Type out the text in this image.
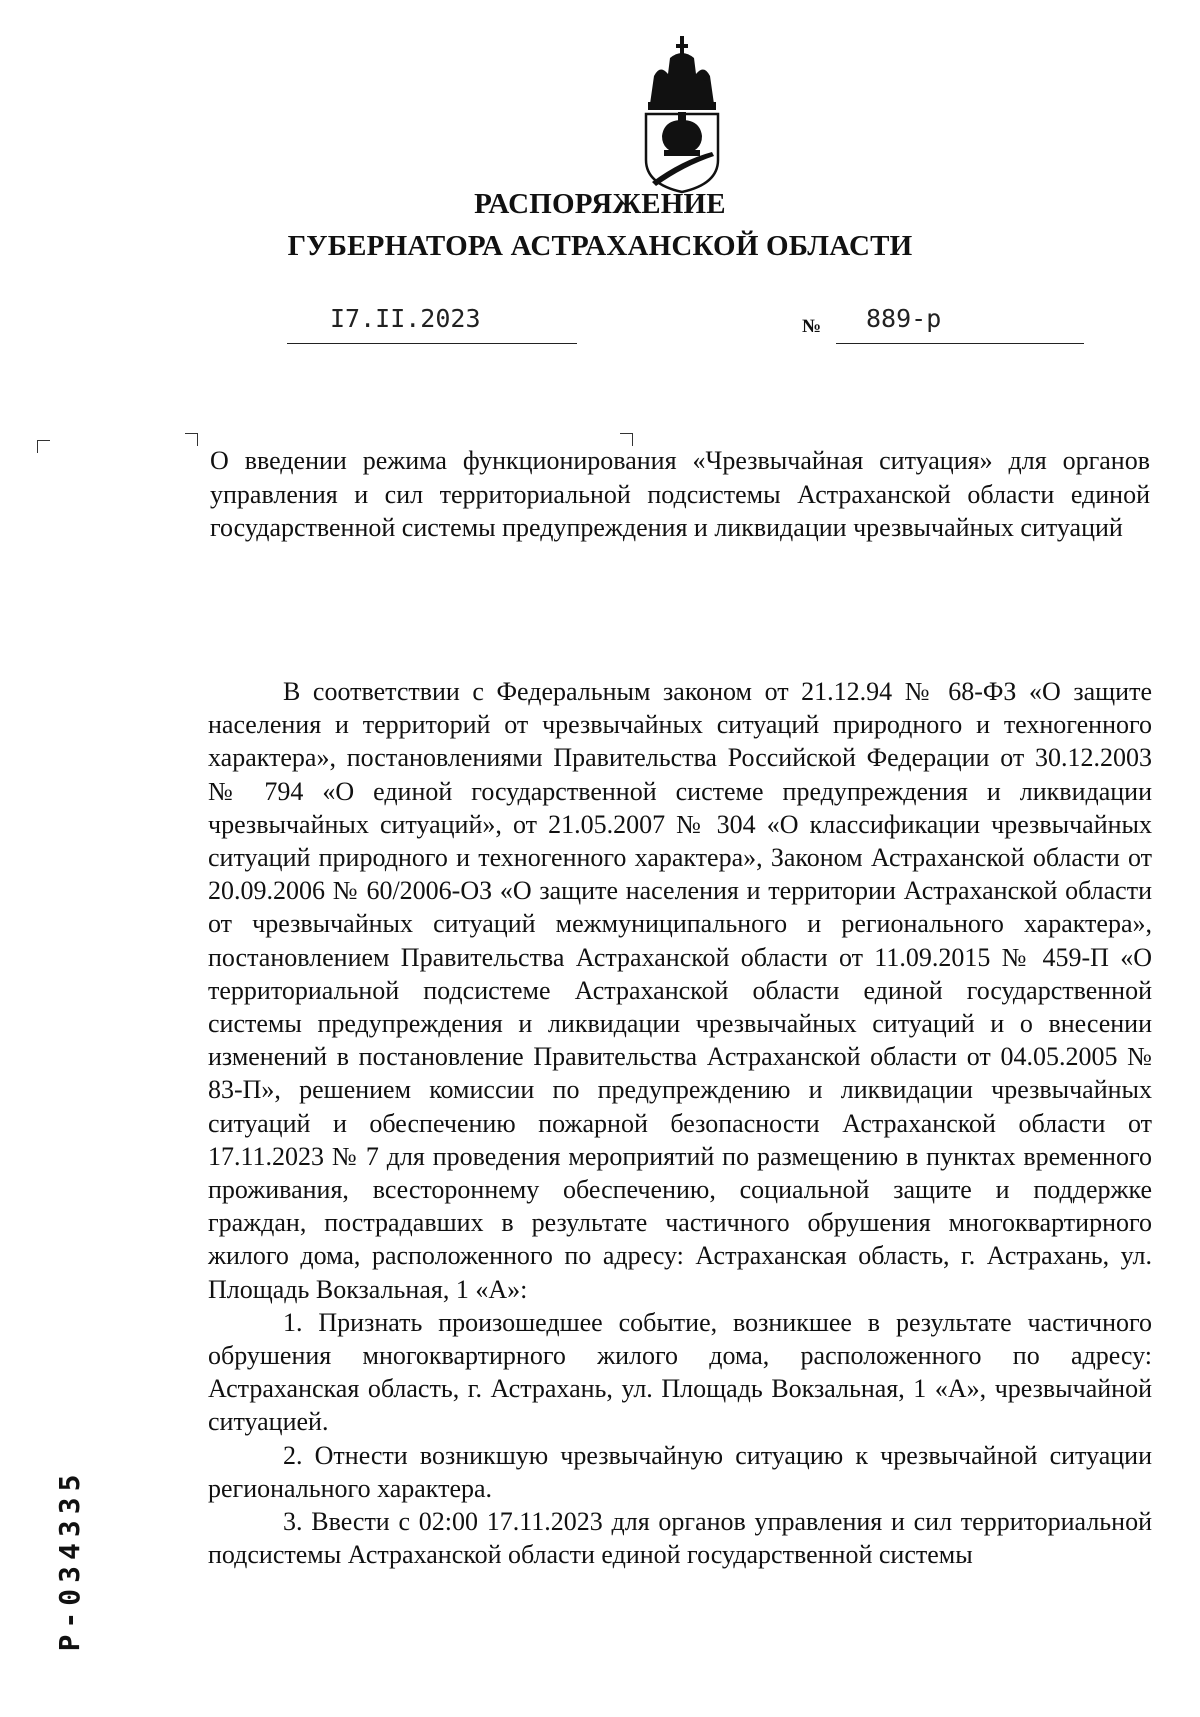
РАСПОРЯЖЕНИЕ
ГУБЕРНАТОРА АСТРАХАНСКОЙ ОБЛАСТИ
I7.II.2023	№ 889-р
О введении режима функционирования «Чрезвычайная ситуация» для органов управления и сил территориальной подсистемы Астраханской области единой государственной системы предупреждения и ликвидации чрезвычайных ситуаций

В соответствии с Федеральным законом от 21.12.94 № 68-ФЗ «О защите населения и территорий от чрезвычайных ситуаций природного и техногенного характера», постановлениями Правительства Российской Федерации от 30.12.2003 № 794 «О единой государственной системе предупреждения и ликвидации чрезвычайных ситуаций», от 21.05.2007 № 304 «О классификации чрезвычайных ситуаций природного и техногенного характера», Законом Астраханской области от 20.09.2006 № 60/2006-ОЗ «О защите населения и территории Астраханской области от чрезвычайных ситуаций межмуниципального и регионального характера», постановлением Правительства Астраханской области от 11.09.2015 № 459-П «О территориальной подсистеме Астраханской области единой государственной системы предупреждения и ликвидации чрезвычайных ситуаций и о внесении изменений в постановление Правительства Астраханской области от 04.05.2005 № 83-П», решением комиссии по предупреждению и ликвидации чрезвычайных ситуаций и обеспечению пожарной безопасности Астраханской области от 17.11.2023 № 7 для проведения мероприятий по размещению в пунктах временного проживания, всестороннему обеспечению, социальной защите и поддержке граждан, пострадавших в результате частичного обрушения многоквартирного жилого дома, расположенного по адресу: Астраханская область, г. Астрахань, ул. Площадь Вокзальная, 1 «А»:

1. Признать произошедшее событие, возникшее в результате частичного обрушения многоквартирного жилого дома, расположенного по адресу: Астраханская область, г. Астрахань, ул. Площадь Вокзальная, 1 «А», чрезвычайной ситуацией.

2. Отнести возникшую чрезвычайную ситуацию к чрезвычайной ситуации регионального характера.

3. Ввести с 02:00 17.11.2023 для органов управления и сил территориальной подсистемы Астраханской области единой государственной системы

Р-034335
